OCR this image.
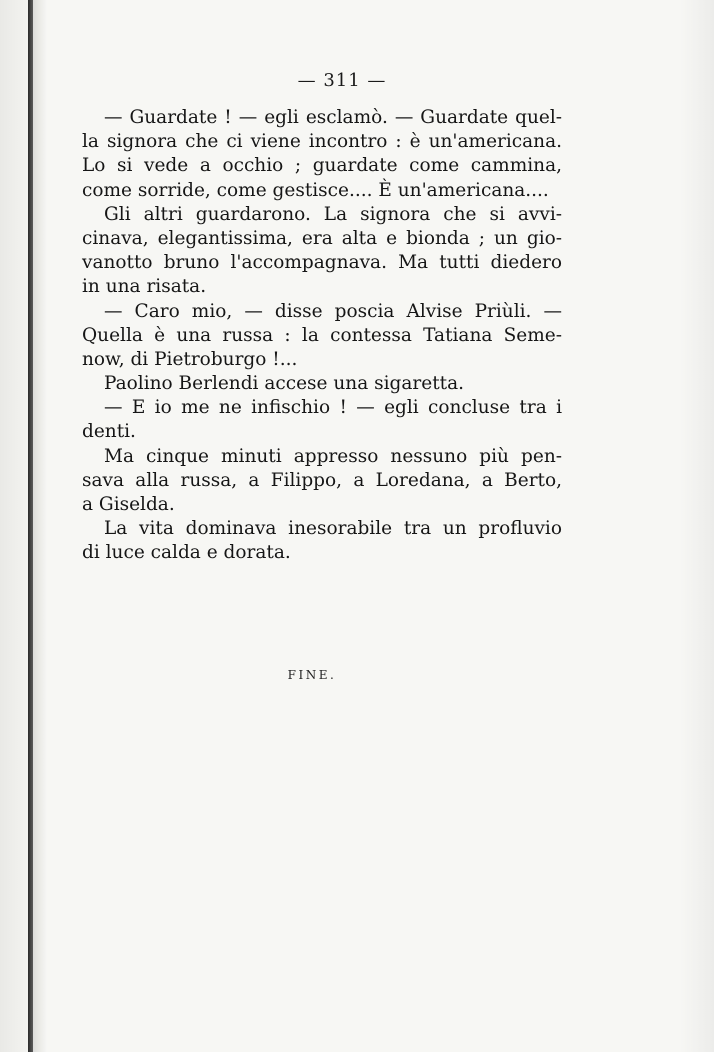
— 311 —
— Guardate ! — egli esclamò. — Guardate quel-
la signora che ci viene incontro : è un'americana.
Lo si vede a occhio ; guardate come cammina,
come sorride, come gestisce.... È un'americana....
Gli altri guardarono. La signora che si avvi-
cinava, elegantissima, era alta e bionda ; un gio-
vanotto bruno l'accompagnava. Ma tutti diedero
in una risata.
— Caro mio, — disse poscia Alvise Priùli. —
Quella è una russa : la contessa Tatiana Seme-
now, di Pietroburgo !...
Paolino Berlendi accese una sigaretta.
— E io me ne infischio ! — egli concluse tra i
denti.
Ma cinque minuti appresso nessuno più pen-
sava alla russa, a Filippo, a Loredana, a Berto,
a Giselda.
La vita dominava inesorabile tra un profluvio
di luce calda e dorata.
FINE.
